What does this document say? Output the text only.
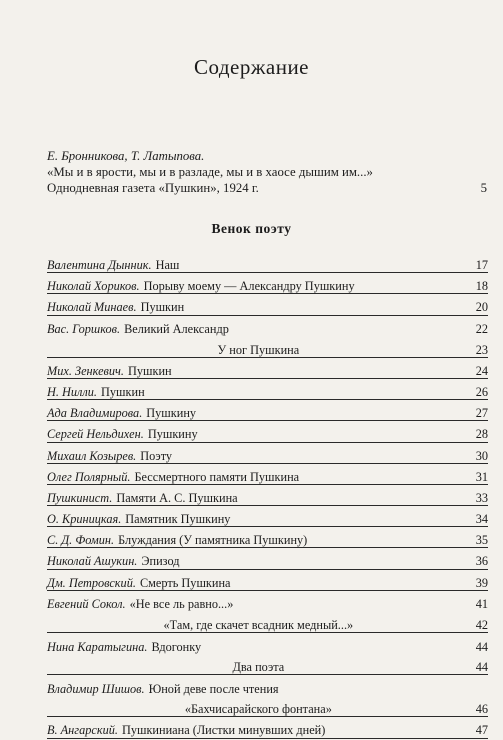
Содержание
Е. Бронникова, Т. Латыпова.
«Мы и в ярости, мы и в разладе, мы и в хаосе дышим им...»
Однодневная газета «Пушкин», 1924 г.	5
Венок поэту
Валентина Дынник. Наш	17
Николай Хориков. Порыву моему — Александру Пушкину	18
Николай Минаев. Пушкин	20
Вас. Горшков. Великий Александр	22
У ног Пушкина	23
Мих. Зенкевич. Пушкин	24
Н. Нилли. Пушкин	26
Ада Владимирова. Пушкину	27
Сергей Нельдихен. Пушкину	28
Михаил Козырев. Поэту	30
Олег Полярный. Бессмертного памяти Пушкина	31
Пушкинист. Памяти А. С. Пушкина	33
О. Криницкая. Памятник Пушкину	34
С. Д. Фомин. Блуждания (У памятника Пушкину)	35
Николай Ашукин. Эпизод	36
Дм. Петровский. Смерть Пушкина	39
Евгений Сокол. «Не все ль равно...»	41
«Там, где скачет всадник медный...»	42
Нина Каратыгина. Вдогонку	44
Два поэта	44
Владимир Шишов. Юной деве после чтения
«Бахчисарайского фонтана»	46
В. Ангарский. Пушкиниана (Листки минувших дней)	47
